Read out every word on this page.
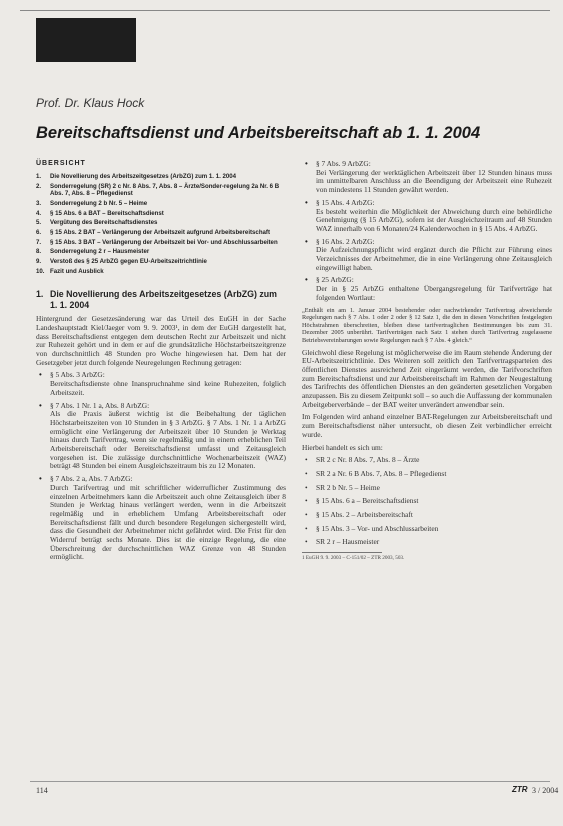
Prof. Dr. Klaus Hock
Bereitschaftsdienst und Arbeitsbereitschaft ab 1. 1. 2004
ÜBERSICHT
1.	Die Novellierung des Arbeitszeitgesetzes (ArbZG) zum 1. 1. 2004
2.	Sonderregelung (SR) 2 c Nr. 8 Abs. 7, Abs. 8 – Ärzte/Sonder-regelung 2a Nr. 6 B Abs. 7, Abs. 8 – Pflegedienst
3.	Sonderregelung 2 b Nr. 5 – Heime
4.	§ 15 Abs. 6 a BAT – Bereitschaftsdienst
5.	Vergütung des Bereitschaftsdienstes
6.	§ 15 Abs. 2 BAT – Verlängerung der Arbeitszeit aufgrund Arbeitsbereitschaft
7.	§ 15 Abs. 3 BAT – Verlängerung der Arbeitszeit bei Vor- und Abschlussarbeiten
8.	Sonderregelung 2 r – Hausmeister
9.	Verstoß des § 25 ArbZG gegen EU-Arbeitszeitrichtlinie
10. Fazit und Ausblick
1. Die Novellierung des Arbeitszeitgesetzes (ArbZG) zum 1. 1. 2004

Hintergrund der Gesetzesänderung war das Urteil des EuGH in der Sache Landeshauptstadt Kiel/Jaeger vom 9. 9. 2003¹, in dem der EuGH dargestellt hat, dass Bereitschaftsdienst entgegen dem deutschen Recht zur Arbeitszeit und nicht zur Ruhezeit gehört und in dem er auf die grundsätzliche Höchstarbeitszeitgrenze von durchschnittlich 48 Stunden pro Woche hingewiesen hat. Dem hat der Gesetzgeber jetzt durch folgende Neuregelungen Rechnung getragen:

• § 5 Abs. 3 ArbZG:
Bereitschaftsdienste ohne Inanspruchnahme sind keine Ruhezeiten, folglich Arbeitszeit.
• § 7 Abs. 1 Nr. 1 a, Abs. 8 ArbZG:
Als die Praxis äußerst wichtig ist die Beibehaltung der täglichen Höchstarbeitszeiten von 10 Stunden in § 3 ArbZG. § 7 Abs. 1 Nr. 1 a ArbZG ermöglicht eine Verlängerung der Arbeitszeit über 10 Stunden je Werktag hinaus durch Tarifvertrag, wenn sie regelmäßig und in einem erheblichen Teil Arbeitsbereitschaft oder Bereitschaftsdienst umfasst und Zeitausgleich vorgesehen ist. Die zulässige durchschnittliche Wochenarbeitszeit (WAZ) beträgt 48 Stunden bei einem Ausgleichszeitraum bis zu 12 Monaten.
• § 7 Abs. 2 a, Abs. 7 ArbZG:
Durch Tarifvertrag und mit schriftlicher widerruflicher Zustimmung des einzelnen Arbeitnehmers kann die Arbeitszeit auch ohne Zeitausgleich über 8 Stunden je Werktag hinaus verlängert werden, wenn in die Arbeitszeit regelmäßig und in erheblichem Umfang Arbeitsbereitschaft oder Bereitschaftsdienst fällt und durch besondere Regelungen sichergestellt wird, dass die Gesundheit der Arbeitnehmer nicht gefährdet wird. Die Frist für den Widerruf beträgt sechs Monate. Dies ist die einzige Regelung, die eine Überschreitung der durchschnittlichen WAZ Grenze von 48 Stunden ermöglicht.
• § 7 Abs. 9 ArbZG:
Bei Verlängerung der werktäglichen Arbeitszeit über 12 Stunden hinaus muss im unmittelbaren Anschluss an die Beendigung der Arbeitszeit eine Ruhezeit von mindestens 11 Stunden gewährt werden.
• § 15 Abs. 4 ArbZG:
Es besteht weiterhin die Möglichkeit der Abweichung durch eine behördliche Genehmigung (§ 15 ArbZG), sofern ist der Ausgleichzeitraum auf 48 Stunden WAZ innerhalb von 6 Monaten/24 Kalenderwochen in § 15 Abs. 4 ArbZG.
• § 16 Abs. 2 ArbZG:
Die Aufzeichnungspflicht wird ergänzt durch die Pflicht zur Führung eines Verzeichnisses der Arbeitnehmer, die in eine Verlängerung ohne Zeitausgleich eingewilligt haben.
• § 25 ArbZG:
Der in § 25 ArbZG enthaltene Übergangsregelung für Tarifverträge hat folgenden Wortlaut:

„Enthält ein am 1. Januar 2004 bestehender oder nachwirkender Tarifvertrag abweichende Regelungen nach § 7 Abs. 1 oder 2 oder § 12 Satz 1, die den in diesen Vorschriften festgelegten Höchstrahmen überschreiten, bleiben diese tarifvertraglichen Bestimmungen bis zum 31. Dezember 2005 unberührt. Tarifverträgen nach Satz 1 stehen durch Tarifvertrag zugelassene Betriebsvereinbarungen sowie Regelungen nach § 7 Abs. 4 gleich.“

Gleichwohl diese Regelung ist möglicherweise die im Raum stehende Änderung der EU-Arbeitszeitrichtlinie. Des Weiteren soll zeitlich den Tarifvertragsparteien des öffentlichen Dienstes ausreichend Zeit eingeräumt werden, die Tarifvorschriften zum Bereitschaftsdienst und zur Arbeitsbereitschaft im Rahmen der Neugestaltung des Tarifrechts des öffentlichen Dienstes an den geänderten gesetzlichen Vorgaben anzupassen. Bis zu diesem Zeitpunkt soll – so auch die Auffassung der kommunalen Arbeitgeberverbände – der BAT weiter unverändert anwendbar sein.

Im Folgenden wird anhand einzelner BAT-Regelungen zur Arbeitsbereitschaft und zum Bereitschaftsdienst näher untersucht, ob diesen Zeit verbindlicher erreicht wurde.

Hierbei handelt es sich um:

• SR 2 c Nr. 8 Abs. 7, Abs. 8 – Ärzte
• SR 2 a Nr. 6 B Abs. 7, Abs. 8 – Pflegedienst
• SR 2 b Nr. 5 – Heime
• § 15 Abs. 6 a – Bereitschaftsdienst
• § 15 Abs. 2 – Arbeitsbereitschaft
• § 15 Abs. 3 – Vor- und Abschlussarbeiten
• SR 2 r – Hausmeister
1 EuGH 9. 9. 2003 – C-151/02 – ZTR 2003, 503.
114	ZTR 3 / 2004
